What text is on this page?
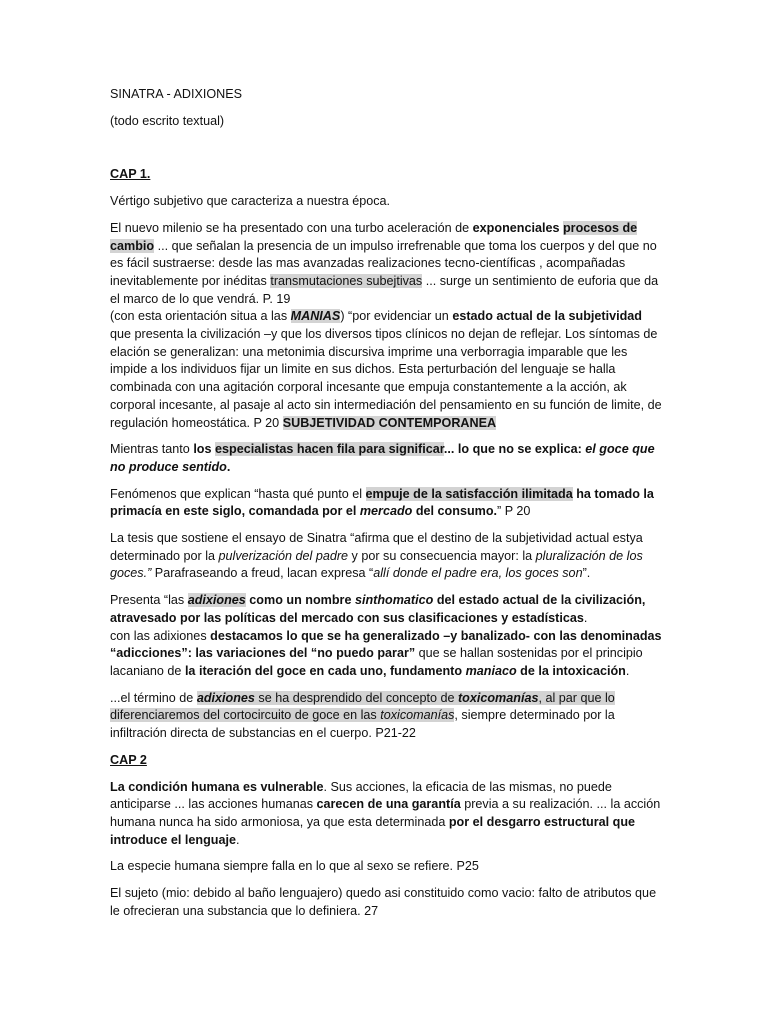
SINATRA - ADIXIONES

(todo escrito textual)

CAP 1.

Vértigo subjetivo que caracteriza a nuestra época.

El nuevo milenio se ha presentado con una turbo aceleración de exponenciales procesos de cambio ... que señalan la presencia de un impulso irrefrenable que toma los cuerpos y del que no es fácil sustraerse: desde las mas avanzadas realizaciones tecno-científicas , acompañadas inevitablemente por inéditas transmutaciones subejtivas ... surge un sentimiento de euforia que da el marco de lo que vendrá. P. 19
(con esta orientación situa a las MANIAS) “por evidenciar un estado actual de la subjetividad que presenta la civilización –y que los diversos tipos clínicos no dejan de reflejar. Los síntomas de elación se generalizan: una metonimia discursiva imprime una verborragia imparable que les impide a los individuos fijar un limite en sus dichos. Esta perturbación del lenguaje se halla combinada con una agitación corporal incesante que empuja constantemente a la acción, ak corporal incesante, al pasaje al acto sin intermediación del pensamiento en su función de limite, de regulación homeostática. P 20 SUBJETIVIDAD CONTEMPORANEA

Mientras tanto los especialistas hacen fila para significar... lo que no se explica: el goce que no produce sentido.

Fenómenos que explican “hasta qué punto el empuje de la satisfacción ilimitada ha tomado la primacía en este siglo, comandada por el mercado del consumo.” P 20

La tesis que sostiene el ensayo de Sinatra “afirma que el destino de la subjetividad actual estya determinado por la pulverización del padre y por su consecuencia mayor: la pluralización de los goces.” Parafraseando a freud, lacan expresa “allí donde el padre era, los goces son”.

Presenta “las adixiones como un nombre sinthomatico del estado actual de la civilización, atravesado por las políticas del mercado con sus clasificaciones y estadísticas.
con las adixiones destacamos lo que se ha generalizado –y banalizado- con las denominadas “adicciones”: las variaciones del “no puedo parar” que se hallan sostenidas por el principio lacaniano de la iteración del goce en cada uno, fundamento maniaco de la intoxicación.

...el término de adixiones se ha desprendido del concepto de toxicomanías, al par que lo diferenciaremos del cortocircuito de goce en las toxicomanías, siempre determinado por la infiltración directa de substancias en el cuerpo. P21-22

CAP 2

La condición humana es vulnerable. Sus acciones, la eficacia de las mismas, no puede anticiparse ... las acciones humanas carecen de una garantía previa a su realización. ... la acción humana nunca ha sido armoniosa, ya que esta determinada por el desgarro estructural que introduce el lenguaje.

La especie humana siempre falla en lo que al sexo se refiere. P25

El sujeto (mio: debido al baño lenguajero) quedo asi constituido como vacio: falto de atributos que le ofrecieran una substancia que lo definiera. 27
